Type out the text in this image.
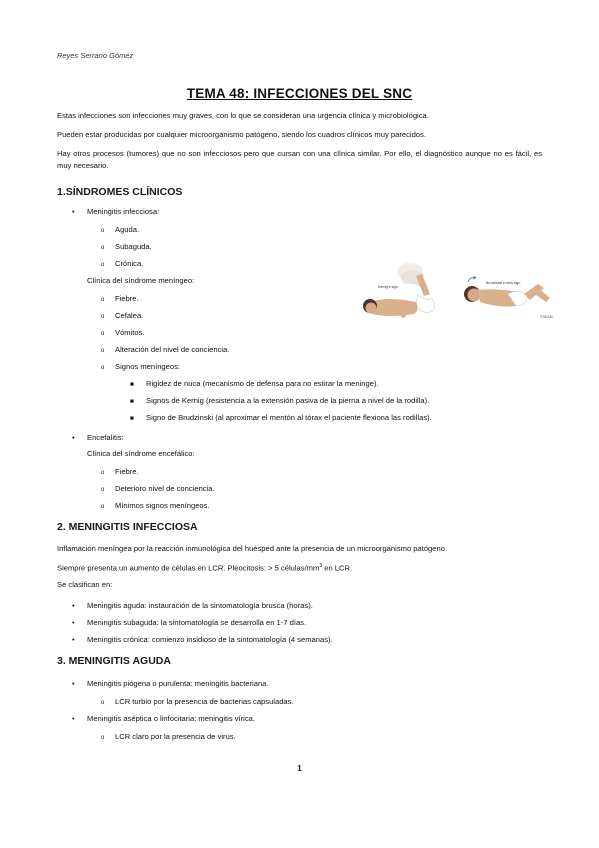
Reyes Serrano Gómez
TEMA 48: INFECCIONES DEL SNC
Estas infecciones son infecciones muy graves, con lo que se consideran una urgencia clínica y microbiológica.
Pueden estar producidas por cualquier microorganismo patógeno, siendo los cuadros clínicos muy parecidos.
Hay otros procesos (tumores) que no son infecciosos pero que cursan con una clínica similar. Por ello, el diagnóstico aunque no es fácil, es muy necesario.
1.SÍNDROMES CLÍNICOS
• Meningitis infecciosa:
o Aguda.
o Subaguda.
o Crónica.
Clínica del síndrome meníngeo:
o Fiebre.
o Cefalea.
o Vómitos.
o Alteración del nivel de conciencia.
o Signos meníngeos:
■ Rigidez de nuca (mecanismo de defensa para no estirar la meninge).
■ Signos de Kernig (resistencia a la extensión pasiva de la pierna a nivel de la rodilla).
■ Signo de Brudzinski (al aproximar el mentón al tórax el paciente flexiona las rodillas).
• Encefalitis:
Clínica del síndrome encefálico:
o Fiebre.
o Deterioro nivel de conciencia.
o Mínimos signos meníngeos.
Kernig's sign
Brudzinski's neck sign
©ADAM
2. MENINGITIS INFECCIOSA
Inflamación meníngea por la reacción inmunológica del huésped ante la presencia de un microorganismo patógeno.
Siempre presenta un aumento de células en LCR. Pleocitosis: > 5 células/$mm^3$ en LCR.
Se clasifican en:
• Meningitis aguda: instauración de la sintomatología brusca (horas).
• Meningitis subaguda: la sintomatología se desarrolla en 1-7 días.
• Meningitis crónica: comienzo insidioso de la sintomatología (4 semanas).
3. MENINGITIS AGUDA
• Meningitis piógena o purulenta: meningitis bacteriana.
o LCR turbio por la presencia de bacterias capsuladas.
• Meningitis aséptica o linfocitaria: meningitis vírica.
o LCR claro por la presencia de virus.
1
